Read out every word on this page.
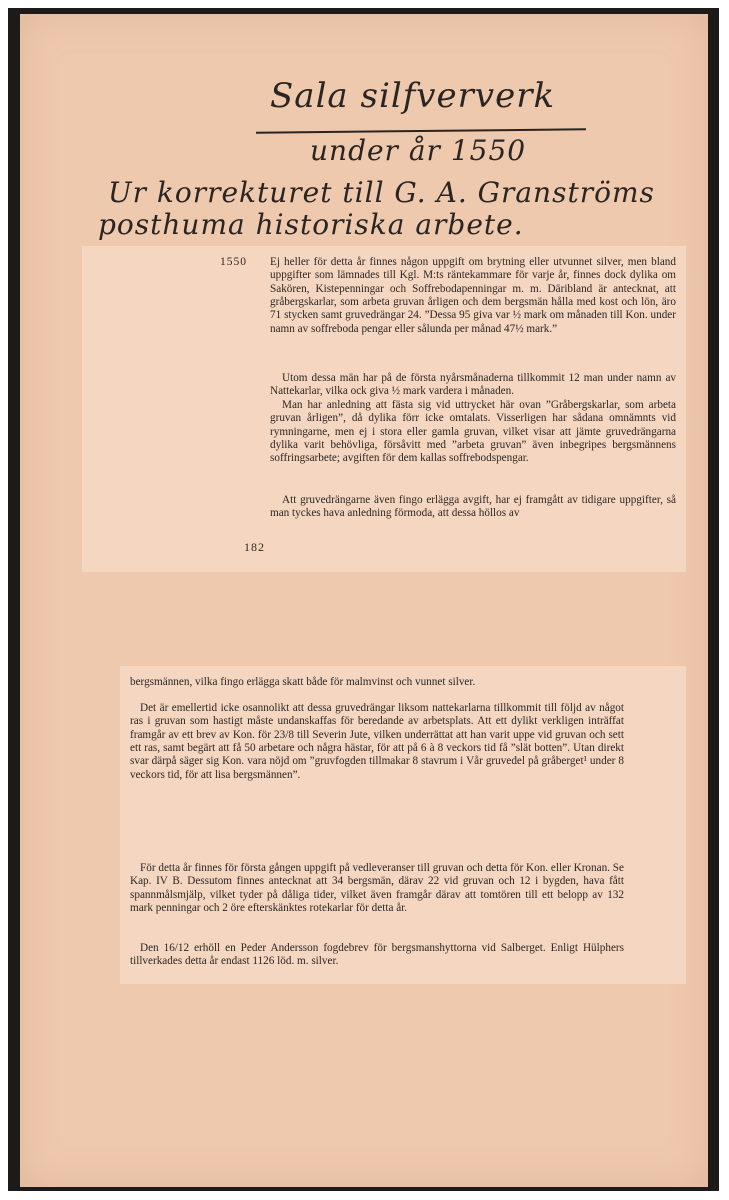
Sala silfververk
under år 1550
Ur korrekturet till G. A. Granströms
posthuma historiska arbete.
1550 Ej heller för detta år finnes någon uppgift om brytning eller utvunnet silver, men bland uppgifter som lämnades till Kgl. M:ts räntekammare för varje år, finnes dock dylika om Sakören, Kistepenningar och Soffrebodapenningar m. m. Däribland är antecknat, att gråbergskarlar, som arbeta gruvan årligen och dem bergsmän hålla med kost och lön, äro 71 stycken samt gruvedrängar 24. ”Dessa 95 giva var ½ mark om månaden till Kon. under namn av soffreboda pengar eller sålunda per månad 47½ mark.”

Utom dessa män har på de första nyårsmånaderna tillkommit 12 man under namn av Nattekarlar, vilka ock giva ½ mark vardera i månaden.

Man har anledning att fästa sig vid uttrycket här ovan ”Gråbergskarlar, som arbeta gruvan årligen”, då dylika förr icke omtalats. Visserligen har sådana omnämnts vid rymningarne, men ej i stora eller gamla gruvan, vilket visar att jämte gruvedrängarna dylika varit behövliga, försåvitt med ”arbeta gruvan” även inbegripes bergsmännens soffringsarbete; avgiften för dem kallas soffrebodspengar.

Att gruvedrängarne även fingo erlägga avgift, har ej framgått av tidigare uppgifter, så man tyckes hava anledning förmoda, att dessa höllos av

182

bergsmännen, vilka fingo erlägga skatt både för malmvinst och vunnet silver.

Det är emellertid icke osannolikt att dessa gruvedrängar liksom nattekarlarna tillkommit till följd av något ras i gruvan som hastigt måste undanskaffas för beredande av arbetsplats. Att ett dylikt verkligen inträffat framgår av ett brev av Kon. för 23/8 till Severin Jute, vilken underrättat att han varit uppe vid gruvan och sett ett ras, samt begärt att få 50 arbetare och några hästar, för att på 6 à 8 veckors tid få ”slät botten”. Utan direkt svar därpå säger sig Kon. vara nöjd om ”gruvfogden tillmakar 8 stavrum i Vår gruvedel på gråberget¹ under 8 veckors tid, för att lisa bergsmännen”.

För detta år finnes för första gången uppgift på vedleveranser till gruvan och detta för Kon. eller Kronan. Se Kap. IV B. Dessutom finnes antecknat att 34 bergsmän, därav 22 vid gruvan och 12 i bygden, hava fått spannmålsmjälp, vilket tyder på dåliga tider, vilket även framgår därav att tomtören till ett belopp av 132 mark penningar och 2 öre efterskänktes rotekarlar för detta år.

Den 16/12 erhöll en Peder Andersson fogdebrev för bergsmanshyttorna vid Salberget. Enligt Hülphers tillverkades detta år endast 1126 löd. m. silver.
